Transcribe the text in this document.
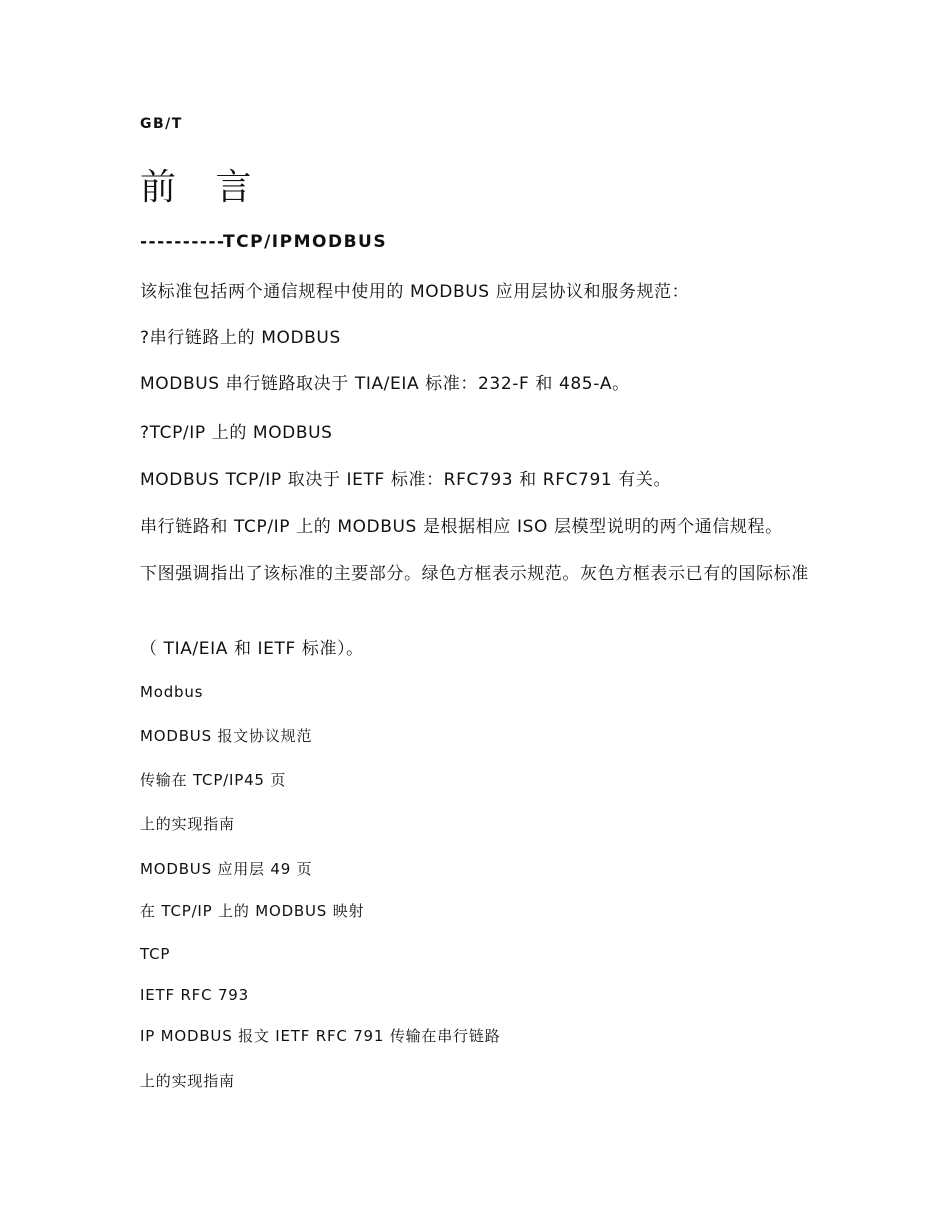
GB/T
前 言
----------TCP/IPMODBUS

该标准包括两个通信规程中使用的 MODBUS 应用层协议和服务规范：

?串行链路上的 MODBUS

MODBUS 串行链路取决于 TIA/EIA 标准：232-F 和 485-A。

?TCP/IP 上的 MODBUS

MODBUS TCP/IP 取决于 IETF 标准：RFC793 和 RFC791 有关。

串行链路和 TCP/IP 上的 MODBUS 是根据相应 ISO 层模型说明的两个通信规程。

下图强调指出了该标准的主要部分。绿色方框表示规范。灰色方框表示已有的国际标准

（ TIA/EIA 和 IETF 标准）。

Modbus
MODBUS 报文协议规范
传输在 TCP/IP45 页
上的实现指南
MODBUS 应用层 49 页
在 TCP/IP 上的 MODBUS 映射
TCP
IETF RFC 793
IP MODBUS 报文 IETF RFC 791 传输在串行链路
上的实现指南
